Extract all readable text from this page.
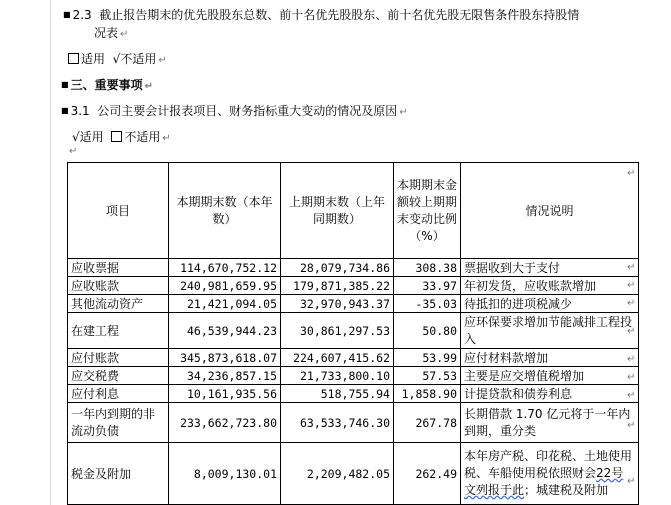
■ 2.3 截止报告期末的优先股股东总数、前十名优先股股东、前十名优先股无限售条件股东持股情
况表 ↵
适用 √不适用 ↵
■ 三、重要事项 ↵
■ 3.1 公司主要会计报表项目、财务指标重大变动的情况及原因 ↵
√适用 不适用 ↵
↵
项目	本期期末数（本年数）	上期期末数（上年同期数）	本期期末金额较上期期末变动比例（%）	情况说明
应收票据	114,670,752.12	28,079,734.86	308.38	票据收到大于支付
应收账款	240,981,659.95	179,871,385.22	33.97	年初发货，应收账款增加
其他流动资产	21,421,094.05	32,970,943.37	-35.03	待抵扣的进项税减少
在建工程	46,539,944.23	30,861,297.53	50.80	应环保要求增加节能减排工程投入
应付账款	345,873,618.07	224,607,415.62	53.99	应付材料款增加
应交税费	34,236,857.15	21,733,800.10	57.53	主要是应交增值税增加
应付利息	10,161,935.56	518,755.94	1,858.90	计提贷款和债券利息
一年内到期的非流动负债	233,662,723.80	63,533,746.30	267.78	长期借款 1.70 亿元将于一年内到期，重分类
税金及附加	8,009,130.01	2,209,482.05	262.49	本年房产税、印花税、土地使用税、车船使用税依照财会22号文列报于此；城建税及附加
↵
↵
↵
↵
↵
↵
↵
↵
↵
↵
